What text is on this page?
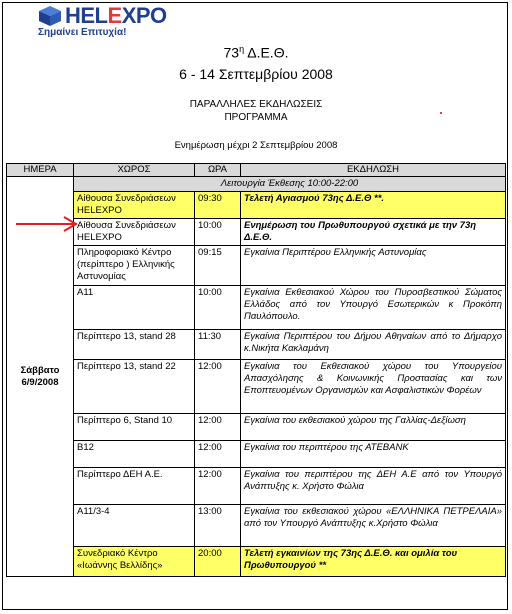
HELEXPO
Σημαίνει Επιτυχία!
$73^\eta$ Δ.Ε.Θ.
6 - 14 Σεπτεμβρίου 2008
ΠΑΡΑΛΛΗΛΕΣ ΕΚΔΗΛΩΣΕΙΣ
ΠΡΟΓΡΑΜΜΑ
Ενημέρωση μέχρι 2 Σεπτεμβρίου 2008
ΗΜΕΡΑ	ΧΩΡΟΣ	ΩΡΑ	ΕΚΔΗΛΩΣΗ

Σάββατο 6/9/2008	Λειτουργία Έκθεσης 10:00-22:00		
	Αίθουσα Συνεδριάσεων HELEXPO	09:30	Τελετή Αγιασμού 73ης Δ.Ε.Θ **.
	Αίθουσα Συνεδριάσεων HELEXPO	10:00	Ενημέρωση του Πρωθυπουργού σχετικά με την 73η Δ.Ε.Θ.
	Πληροφοριακό Κέντρο (περίπτερο ) Ελληνικής Αστυνομίας	09:15	Εγκαίνια Περιπτέρου Ελληνικής Αστυνομίας
	Α11	10:00	Εγκαίνια Εκθεσιακού Χώρου του Πυροσβεστικού Σώματος Ελλάδος από τον Υπουργό Εσωτερικών κ Προκόπη Παυλόπουλο.
	Περίπτερο 13, stand 28	11:30	Εγκαίνια Περιπτέρου του Δήμου Αθηναίων από το Δήμαρχο κ.Νικήτα Κακλαμάνη
	Περίπτερο 13, stand 22	12:00	Εγκαίνια του Εκθεσιακού χώρου του Υπουργείου Απασχόλησης & Κοινωνικής Προστασίας και των Εποπτευομένων Οργανισμών και Ασφαλιστικών Φορέων
	Περίπτερο 6, Stand 10	12:00	Εγκαίνια του εκθεσιακού χώρου της Γαλλίας-Δεξίωση
	Β12	12:00	Εγκαίνια του περιπτέρου της ΑΤΕBANK
	Περίπτερο ΔΕΗ Α.Ε.	12:00	Εγκαίνια του περιπτέρου της ΔΕΗ Α.Ε από τον Υπουργό Ανάπτυξης κ. Χρήστο Φώλια
	Α11/3-4	13:00	Εγκαίνια του εκθεσιακού χώρου «ΕΛΛΗΝΙΚΑ ΠΕΤΡΕΛΑΙΑ» από τον Υπουργό Ανάπτυξης κ.Χρήστο Φώλια
	Συνεδριακό Κέντρο «Ιωάννης Βελλίδης»	20:00	Τελετή εγκαινίων της 73ης Δ.Ε.Θ. και ομιλία του Πρωθυπουργού **
